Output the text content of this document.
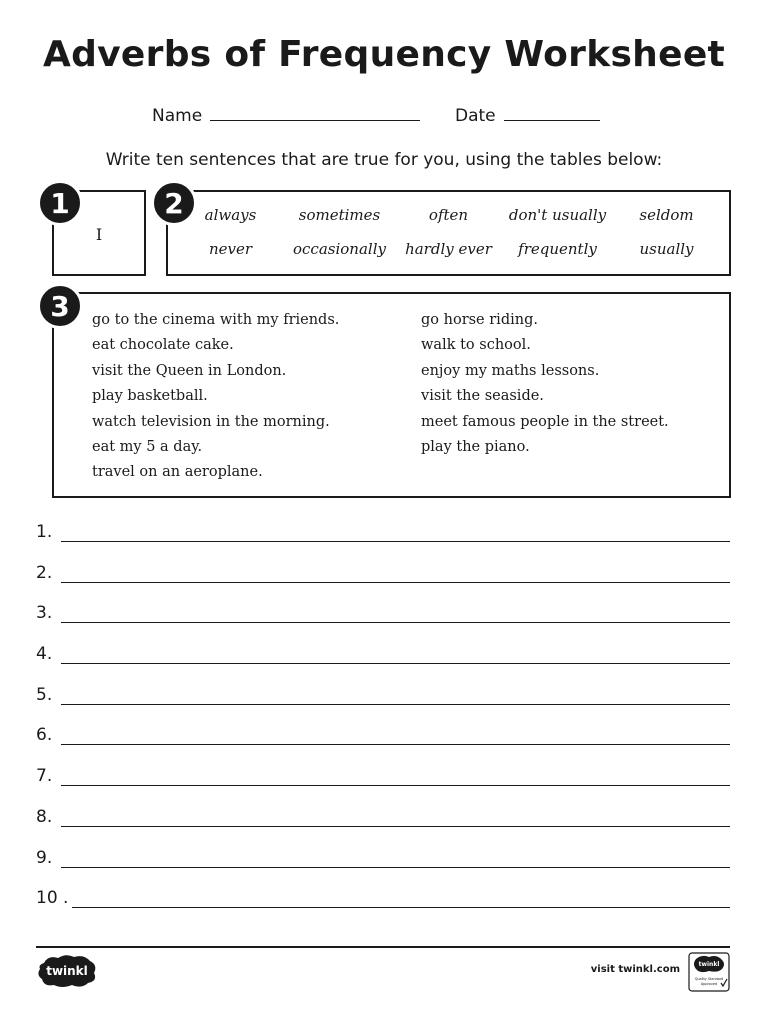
Adverbs of Frequency Worksheet
Name	Date
Write ten sentences that are true for you, using the tables below:
1
I
2	always	sometimes	often	don't usually	seldom
never	occasionally	hardly ever	frequently	usually
3	go to the cinema with my friends.
eat chocolate cake.
visit the Queen in London.
play basketball.
watch television in the morning.
eat my 5 a day.
travel on an aeroplane.
go horse riding.
walk to school.
enjoy my maths lessons.
visit the seaside.
meet famous people in the street.
play the piano.
1.
2.
3.
4.
5.
6.
7.
8.
9.
10 .
twinkl	visit twinkl.com	twinkl
Quality Standard
Approved
